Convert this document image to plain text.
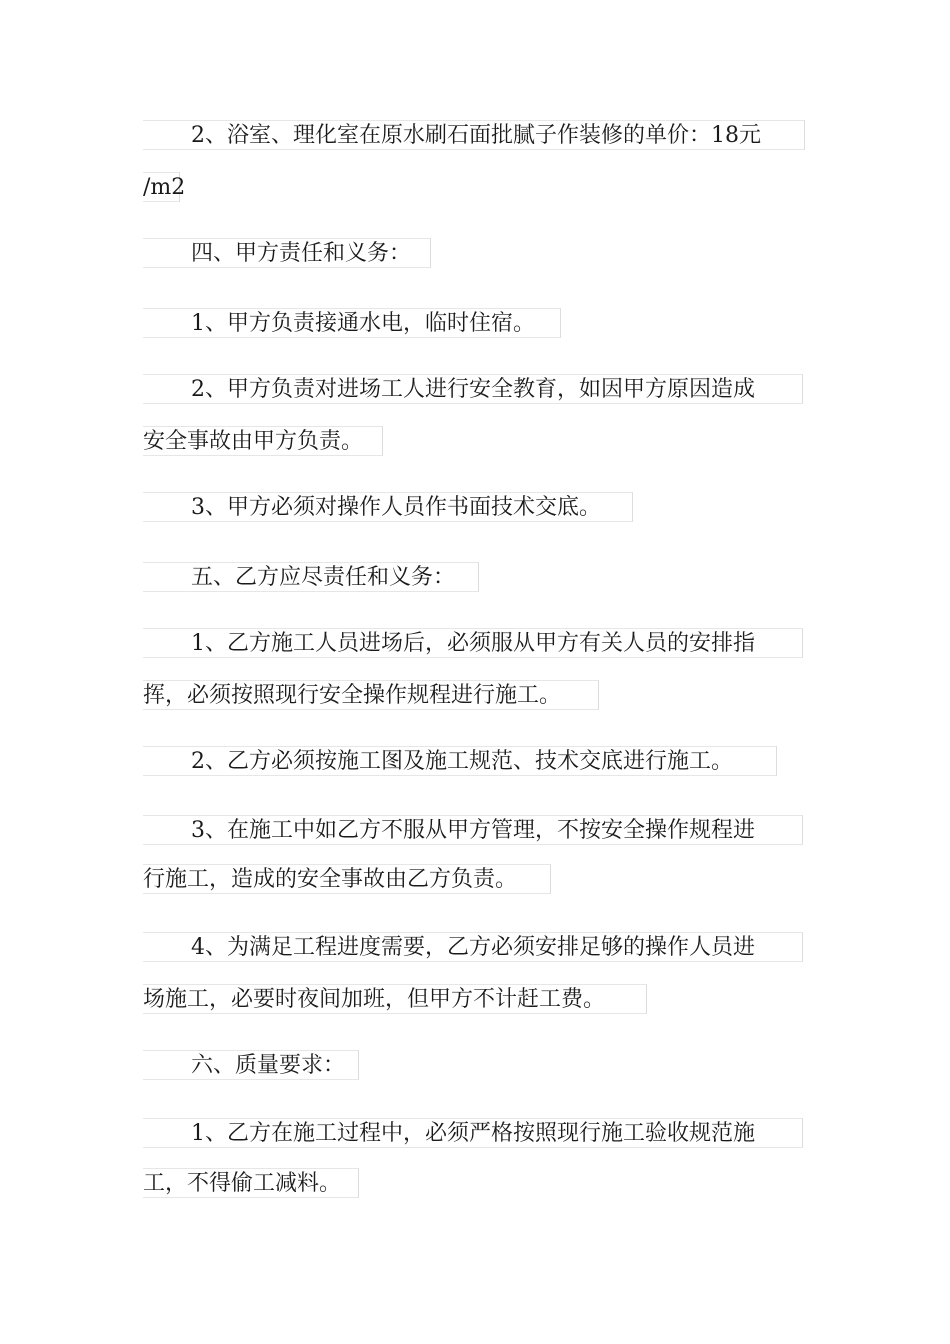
2、浴室、理化室在原水刷石面批腻子作装修的单价：18元
/m2
四、甲方责任和义务：
1、甲方负责接通水电，临时住宿。
2、甲方负责对进场工人进行安全教育，如因甲方原因造成
安全事故由甲方负责。
3、甲方必须对操作人员作书面技术交底。
五、乙方应尽责任和义务：
1、乙方施工人员进场后，必须服从甲方有关人员的安排指
挥，必须按照现行安全操作规程进行施工。
2、乙方必须按施工图及施工规范、技术交底进行施工。
3、在施工中如乙方不服从甲方管理，不按安全操作规程进
行施工，造成的安全事故由乙方负责。
4、为满足工程进度需要，乙方必须安排足够的操作人员进
场施工，必要时夜间加班，但甲方不计赶工费。
六、质量要求：
1、乙方在施工过程中，必须严格按照现行施工验收规范施
工，不得偷工减料。
